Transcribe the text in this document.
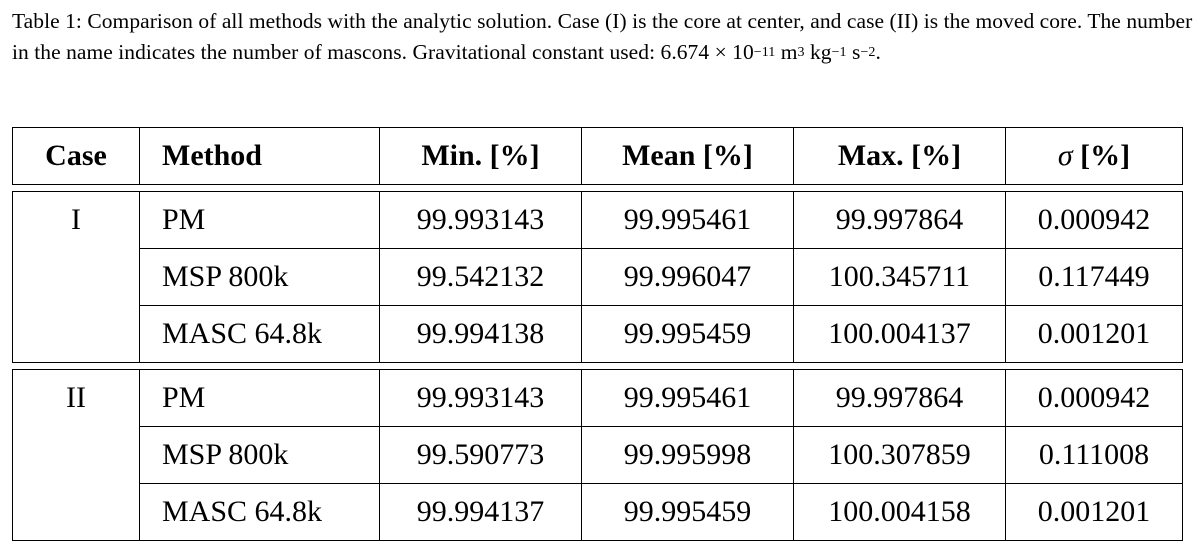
Table 1: Comparison of all methods with the analytic solution. Case (I) is the core at center, and case (II) is the moved core. The number in the name indicates the number of mascons. Gravitational constant used: $6.674 \times 10^{-11}$ $m^3$ $kg^{-1}$ $s^{-2}$.
Case	Method	Min. [%]	Mean [%]	Max. [%]	σ [%]

I	PM	99.993143	99.995461	99.997864	0.000942
	MSP 800k	99.542132	99.996047	100.345711	0.117449
	MASC 64.8k	99.994138	99.995459	100.004137	0.001201

II	PM	99.993143	99.995461	99.997864	0.000942
	MSP 800k	99.590773	99.995998	100.307859	0.111008
	MASC 64.8k	99.994137	99.995459	100.004158	0.001201
